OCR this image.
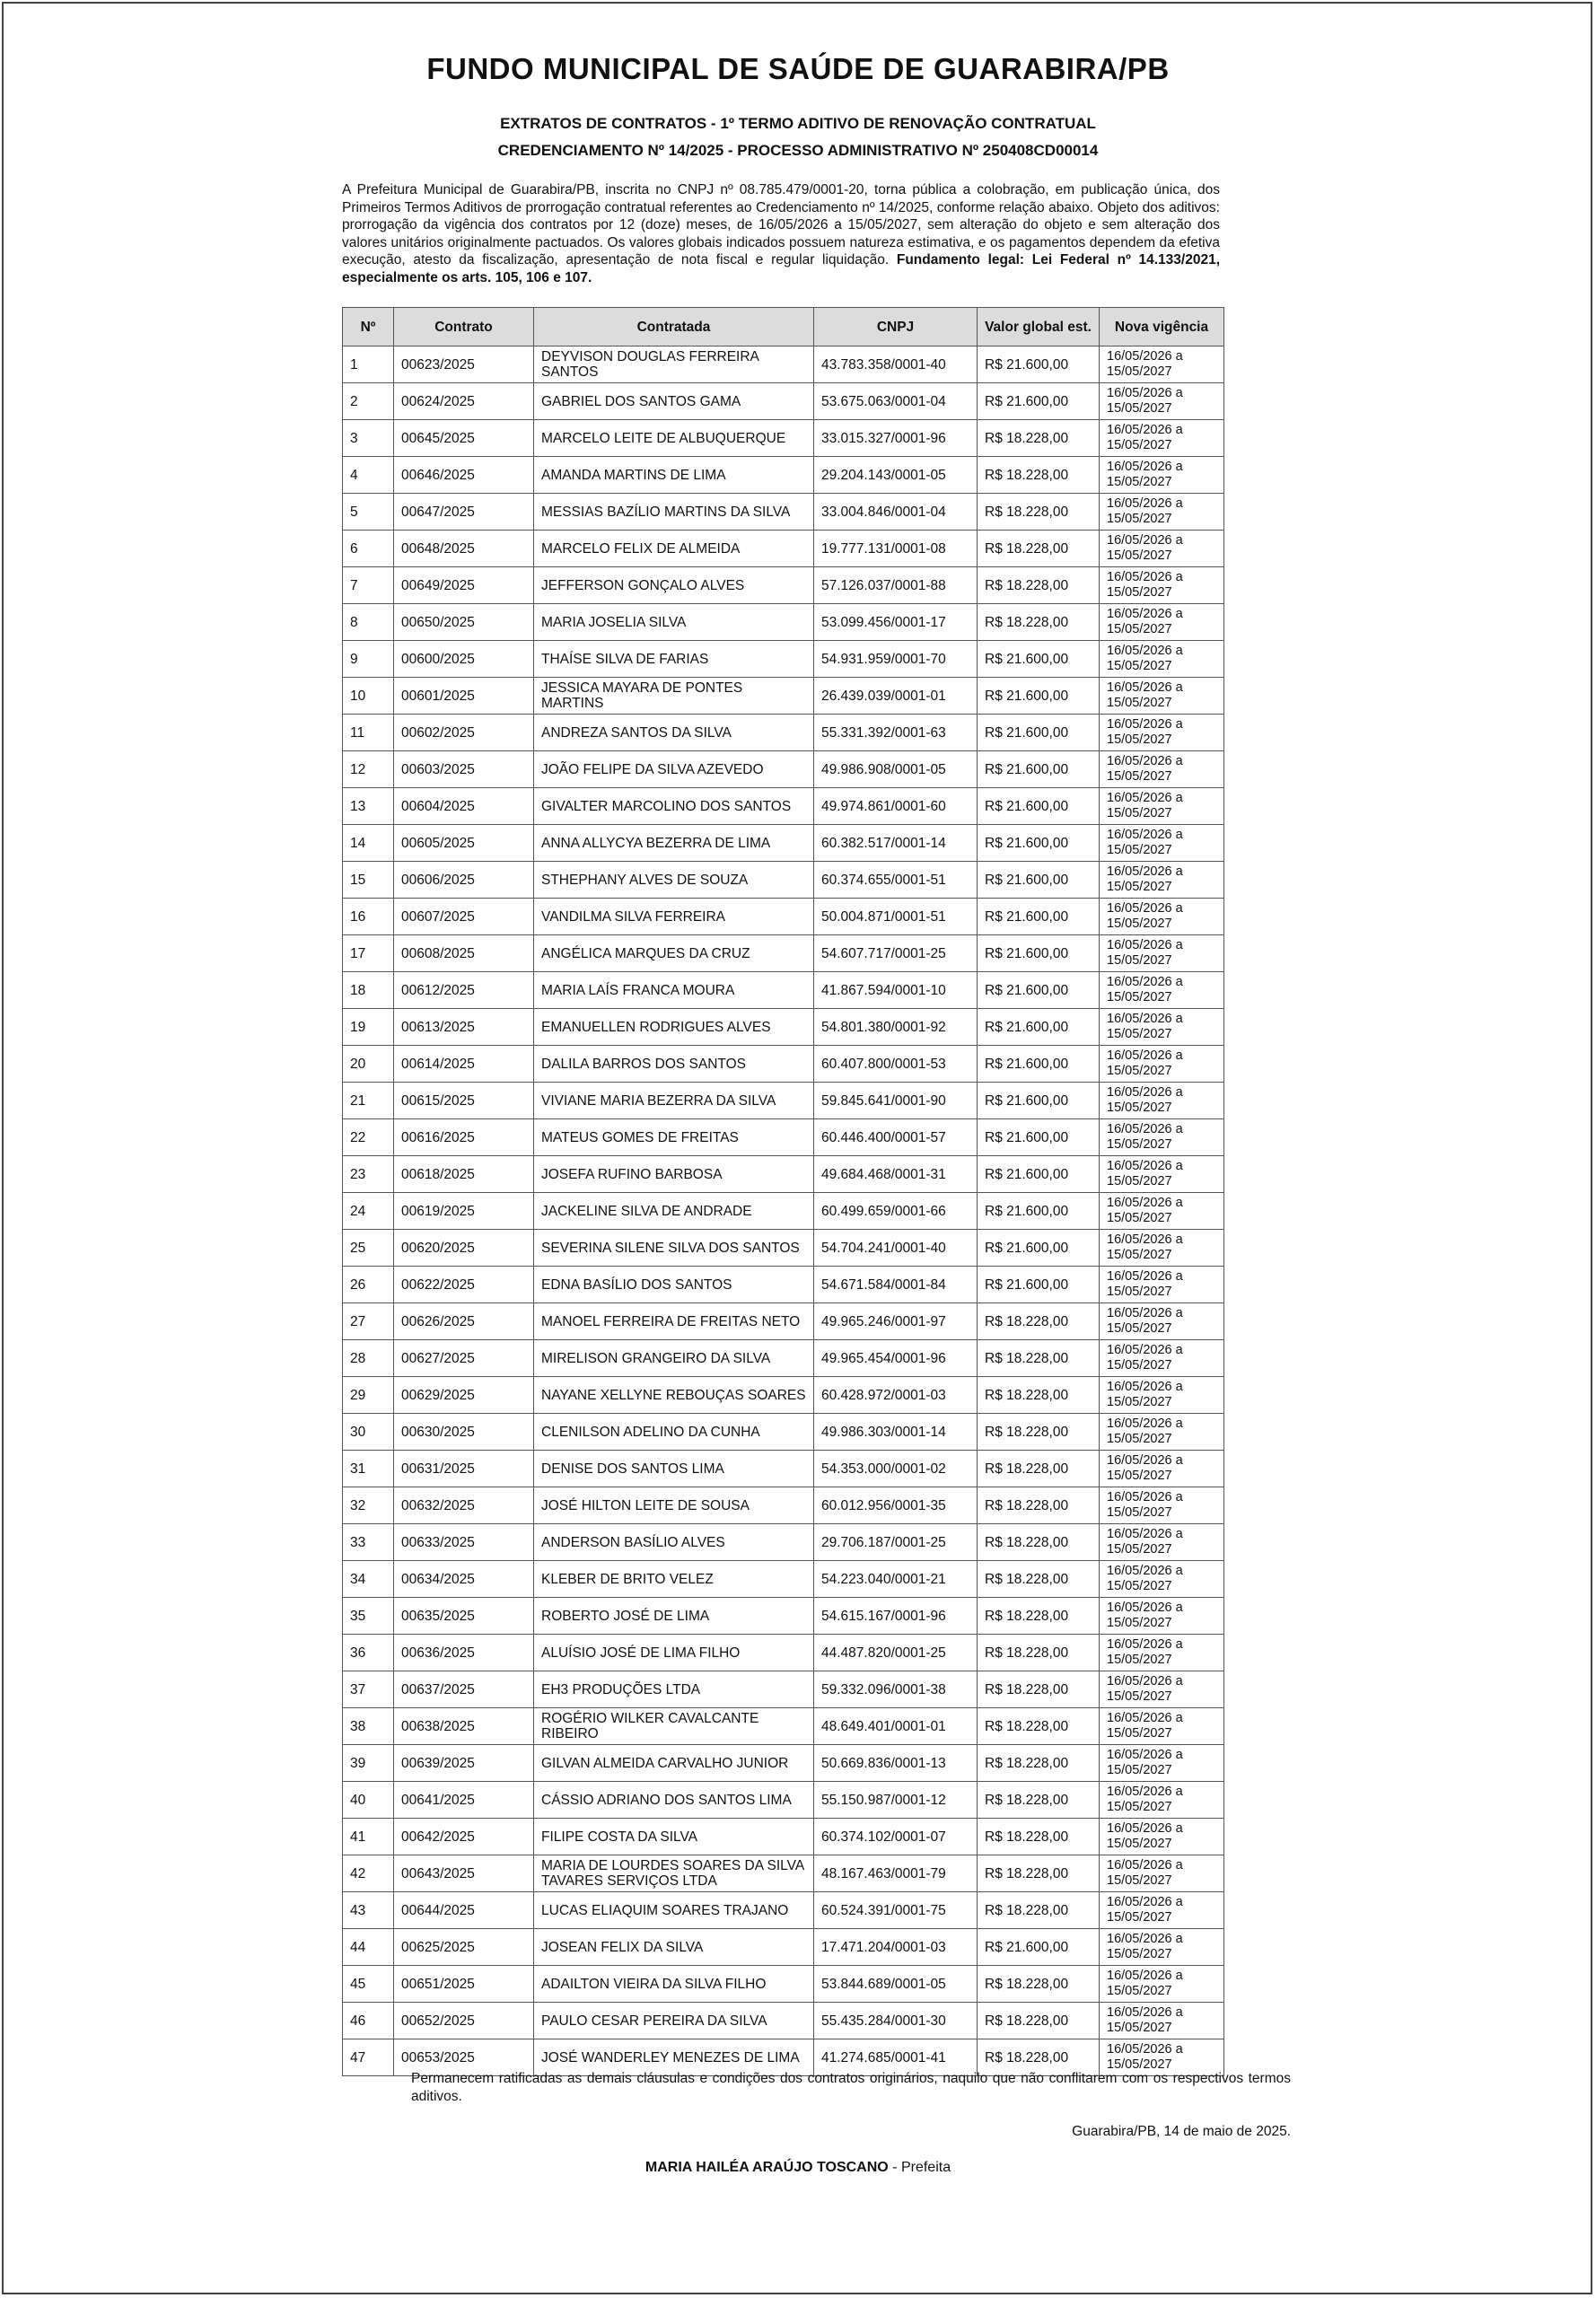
FUNDO MUNICIPAL DE SAÚDE DE GUARABIRA/PB
EXTRATOS DE CONTRATOS - 1º TERMO ADITIVO DE RENOVAÇÃO CONTRATUAL
CREDENCIAMENTO Nº 14/2025 - PROCESSO ADMINISTRATIVO Nº 250408CD00014
A Prefeitura Municipal de Guarabira/PB, inscrita no CNPJ nº 08.785.479/0001-20, torna pública a colobração, em publicação única, dos Primeiros Termos Aditivos de prorrogação contratual referentes ao Credenciamento nº 14/2025, conforme relação abaixo. Objeto dos aditivos: prorrogação da vigência dos contratos por 12 (doze) meses, de 16/05/2026 a 15/05/2027, sem alteração do objeto e sem alteração dos valores unitários originalmente pactuados. Os valores globais indicados possuem natureza estimativa, e os pagamentos dependem da efetiva execução, atesto da fiscalização, apresentação de nota fiscal e regular liquidação. Fundamento legal: Lei Federal nº 14.133/2021, especialmente os arts. 105, 106 e 107.
Nº	Contrato	Contratada	CNPJ	Valor global est.	Nova vigência
1	00623/2025	DEYVISON DOUGLAS FERREIRA SANTOS	43.783.358/0001-40	R$ 21.600,00	16/05/2026 a 15/05/2027
2	00624/2025	GABRIEL DOS SANTOS GAMA	53.675.063/0001-04	R$ 21.600,00	16/05/2026 a 15/05/2027
3	00645/2025	MARCELO LEITE DE ALBUQUERQUE	33.015.327/0001-96	R$ 18.228,00	16/05/2026 a 15/05/2027
4	00646/2025	AMANDA MARTINS DE LIMA	29.204.143/0001-05	R$ 18.228,00	16/05/2026 a 15/05/2027
5	00647/2025	MESSIAS BAZÍLIO MARTINS DA SILVA	33.004.846/0001-04	R$ 18.228,00	16/05/2026 a 15/05/2027
6	00648/2025	MARCELO FELIX DE ALMEIDA	19.777.131/0001-08	R$ 18.228,00	16/05/2026 a 15/05/2027
7	00649/2025	JEFFERSON GONÇALO ALVES	57.126.037/0001-88	R$ 18.228,00	16/05/2026 a 15/05/2027
8	00650/2025	MARIA JOSELIA SILVA	53.099.456/0001-17	R$ 18.228,00	16/05/2026 a 15/05/2027
9	00600/2025	THAÍSE SILVA DE FARIAS	54.931.959/0001-70	R$ 21.600,00	16/05/2026 a 15/05/2027
10	00601/2025	JESSICA MAYARA DE PONTES MARTINS	26.439.039/0001-01	R$ 21.600,00	16/05/2026 a 15/05/2027
11	00602/2025	ANDREZA SANTOS DA SILVA	55.331.392/0001-63	R$ 21.600,00	16/05/2026 a 15/05/2027
12	00603/2025	JOÃO FELIPE DA SILVA AZEVEDO	49.986.908/0001-05	R$ 21.600,00	16/05/2026 a 15/05/2027
13	00604/2025	GIVALTER MARCOLINO DOS SANTOS	49.974.861/0001-60	R$ 21.600,00	16/05/2026 a 15/05/2027
14	00605/2025	ANNA ALLYCYA BEZERRA DE LIMA	60.382.517/0001-14	R$ 21.600,00	16/05/2026 a 15/05/2027
15	00606/2025	STHEPHANY ALVES DE SOUZA	60.374.655/0001-51	R$ 21.600,00	16/05/2026 a 15/05/2027
16	00607/2025	VANDILMA SILVA FERREIRA	50.004.871/0001-51	R$ 21.600,00	16/05/2026 a 15/05/2027
17	00608/2025	ANGÉLICA MARQUES DA CRUZ	54.607.717/0001-25	R$ 21.600,00	16/05/2026 a 15/05/2027
18	00612/2025	MARIA LAÍS FRANCA MOURA	41.867.594/0001-10	R$ 21.600,00	16/05/2026 a 15/05/2027
19	00613/2025	EMANUELLEN RODRIGUES ALVES	54.801.380/0001-92	R$ 21.600,00	16/05/2026 a 15/05/2027
20	00614/2025	DALILA BARROS DOS SANTOS	60.407.800/0001-53	R$ 21.600,00	16/05/2026 a 15/05/2027
21	00615/2025	VIVIANE MARIA BEZERRA DA SILVA	59.845.641/0001-90	R$ 21.600,00	16/05/2026 a 15/05/2027
22	00616/2025	MATEUS GOMES DE FREITAS	60.446.400/0001-57	R$ 21.600,00	16/05/2026 a 15/05/2027
23	00618/2025	JOSEFA RUFINO BARBOSA	49.684.468/0001-31	R$ 21.600,00	16/05/2026 a 15/05/2027
24	00619/2025	JACKELINE SILVA DE ANDRADE	60.499.659/0001-66	R$ 21.600,00	16/05/2026 a 15/05/2027
25	00620/2025	SEVERINA SILENE SILVA DOS SANTOS	54.704.241/0001-40	R$ 21.600,00	16/05/2026 a 15/05/2027
26	00622/2025	EDNA BASÍLIO DOS SANTOS	54.671.584/0001-84	R$ 21.600,00	16/05/2026 a 15/05/2027
27	00626/2025	MANOEL FERREIRA DE FREITAS NETO	49.965.246/0001-97	R$ 18.228,00	16/05/2026 a 15/05/2027
28	00627/2025	MIRELISON GRANGEIRO DA SILVA	49.965.454/0001-96	R$ 18.228,00	16/05/2026 a 15/05/2027
29	00629/2025	NAYANE XELLYNE REBOUÇAS SOARES	60.428.972/0001-03	R$ 18.228,00	16/05/2026 a 15/05/2027
30	00630/2025	CLENILSON ADELINO DA CUNHA	49.986.303/0001-14	R$ 18.228,00	16/05/2026 a 15/05/2027
31	00631/2025	DENISE DOS SANTOS LIMA	54.353.000/0001-02	R$ 18.228,00	16/05/2026 a 15/05/2027
32	00632/2025	JOSÉ HILTON LEITE DE SOUSA	60.012.956/0001-35	R$ 18.228,00	16/05/2026 a 15/05/2027
33	00633/2025	ANDERSON BASÍLIO ALVES	29.706.187/0001-25	R$ 18.228,00	16/05/2026 a 15/05/2027
34	00634/2025	KLEBER DE BRITO VELEZ	54.223.040/0001-21	R$ 18.228,00	16/05/2026 a 15/05/2027
35	00635/2025	ROBERTO JOSÉ DE LIMA	54.615.167/0001-96	R$ 18.228,00	16/05/2026 a 15/05/2027
36	00636/2025	ALUÍSIO JOSÉ DE LIMA FILHO	44.487.820/0001-25	R$ 18.228,00	16/05/2026 a 15/05/2027
37	00637/2025	EH3 PRODUÇÕES LTDA	59.332.096/0001-38	R$ 18.228,00	16/05/2026 a 15/05/2027
38	00638/2025	ROGÉRIO WILKER CAVALCANTE RIBEIRO	48.649.401/0001-01	R$ 18.228,00	16/05/2026 a 15/05/2027
39	00639/2025	GILVAN ALMEIDA CARVALHO JUNIOR	50.669.836/0001-13	R$ 18.228,00	16/05/2026 a 15/05/2027
40	00641/2025	CÁSSIO ADRIANO DOS SANTOS LIMA	55.150.987/0001-12	R$ 18.228,00	16/05/2026 a 15/05/2027
41	00642/2025	FILIPE COSTA DA SILVA	60.374.102/0001-07	R$ 18.228,00	16/05/2026 a 15/05/2027
42	00643/2025	MARIA DE LOURDES SOARES DA SILVA TAVARES SERVIÇOS LTDA	48.167.463/0001-79	R$ 18.228,00	16/05/2026 a 15/05/2027
43	00644/2025	LUCAS ELIAQUIM SOARES TRAJANO	60.524.391/0001-75	R$ 18.228,00	16/05/2026 a 15/05/2027
44	00625/2025	JOSEAN FELIX DA SILVA	17.471.204/0001-03	R$ 21.600,00	16/05/2026 a 15/05/2027
45	00651/2025	ADAILTON VIEIRA DA SILVA FILHO	53.844.689/0001-05	R$ 18.228,00	16/05/2026 a 15/05/2027
46	00652/2025	PAULO CESAR PEREIRA DA SILVA	55.435.284/0001-30	R$ 18.228,00	16/05/2026 a 15/05/2027
47	00653/2025	JOSÉ WANDERLEY MENEZES DE LIMA	41.274.685/0001-41	R$ 18.228,00	16/05/2026 a 15/05/2027
Permanecem ratificadas as demais cláusulas e condições dos contratos originários, naquilo que não conflitarem com os respectivos termos aditivos.
Guarabira/PB, 14 de maio de 2025.
MARIA HAILÉA ARAÚJO TOSCANO - Prefeita
